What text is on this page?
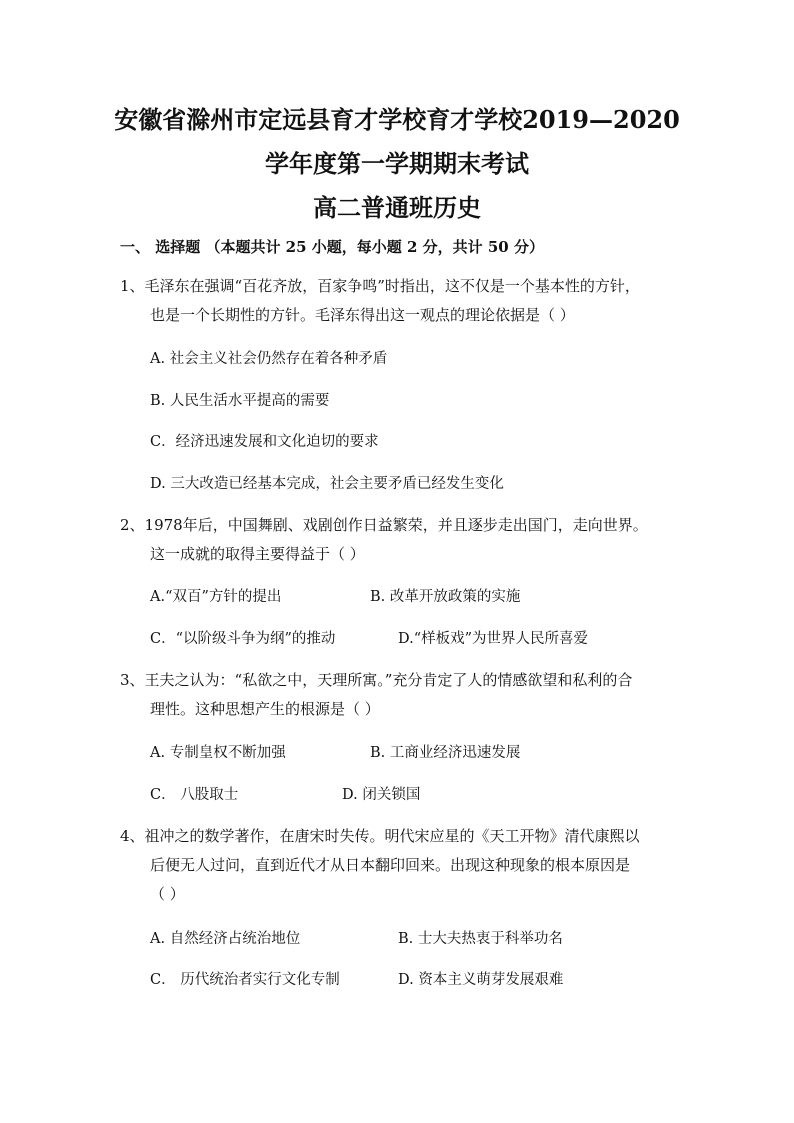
安徽省滁州市定远县育才学校育才学校2019—2020
学年度第一学期期末考试
高二普通班历史
一、 选择题 （本题共计 25 小题，每小题 2 分，共计 50 分）
1、毛泽东在强调“百花齐放，百家争鸣”时指出，这不仅是一个基本性的方针，
也是一个长期性的方针。毛泽东得出这一观点的理论依据是（ ）
A. 社会主义社会仍然存在着各种矛盾
B. 人民生活水平提高的需要
C．经济迅速发展和文化迫切的要求
D. 三大改造已经基本完成，社会主要矛盾已经发生变化
2、1978年后，中国舞剧、戏剧创作日益繁荣，并且逐步走出国门，走向世界。
这一成就的取得主要得益于（ ）
A.“双百”方针的提出	B. 改革开放政策的实施
C．“以阶级斗争为纲”的推动	D.“样板戏”为世界人民所喜爱
3、王夫之认为：“私欲之中，天理所寓。”充分肯定了人的情感欲望和私利的合
理性。这种思想产生的根源是（ ）
A. 专制皇权不断加强	B. 工商业经济迅速发展
C． 八股取士	D. 闭关锁国
4、祖冲之的数学著作，在唐宋时失传。明代宋应星的《天工开物》清代康熙以
后便无人过问，直到近代才从日本翻印回来。出现这种现象的根本原因是
（ ）
A. 自然经济占统治地位	B. 士大夫热衷于科举功名
C． 历代统治者实行文化专制	D. 资本主义萌芽发展艰难
